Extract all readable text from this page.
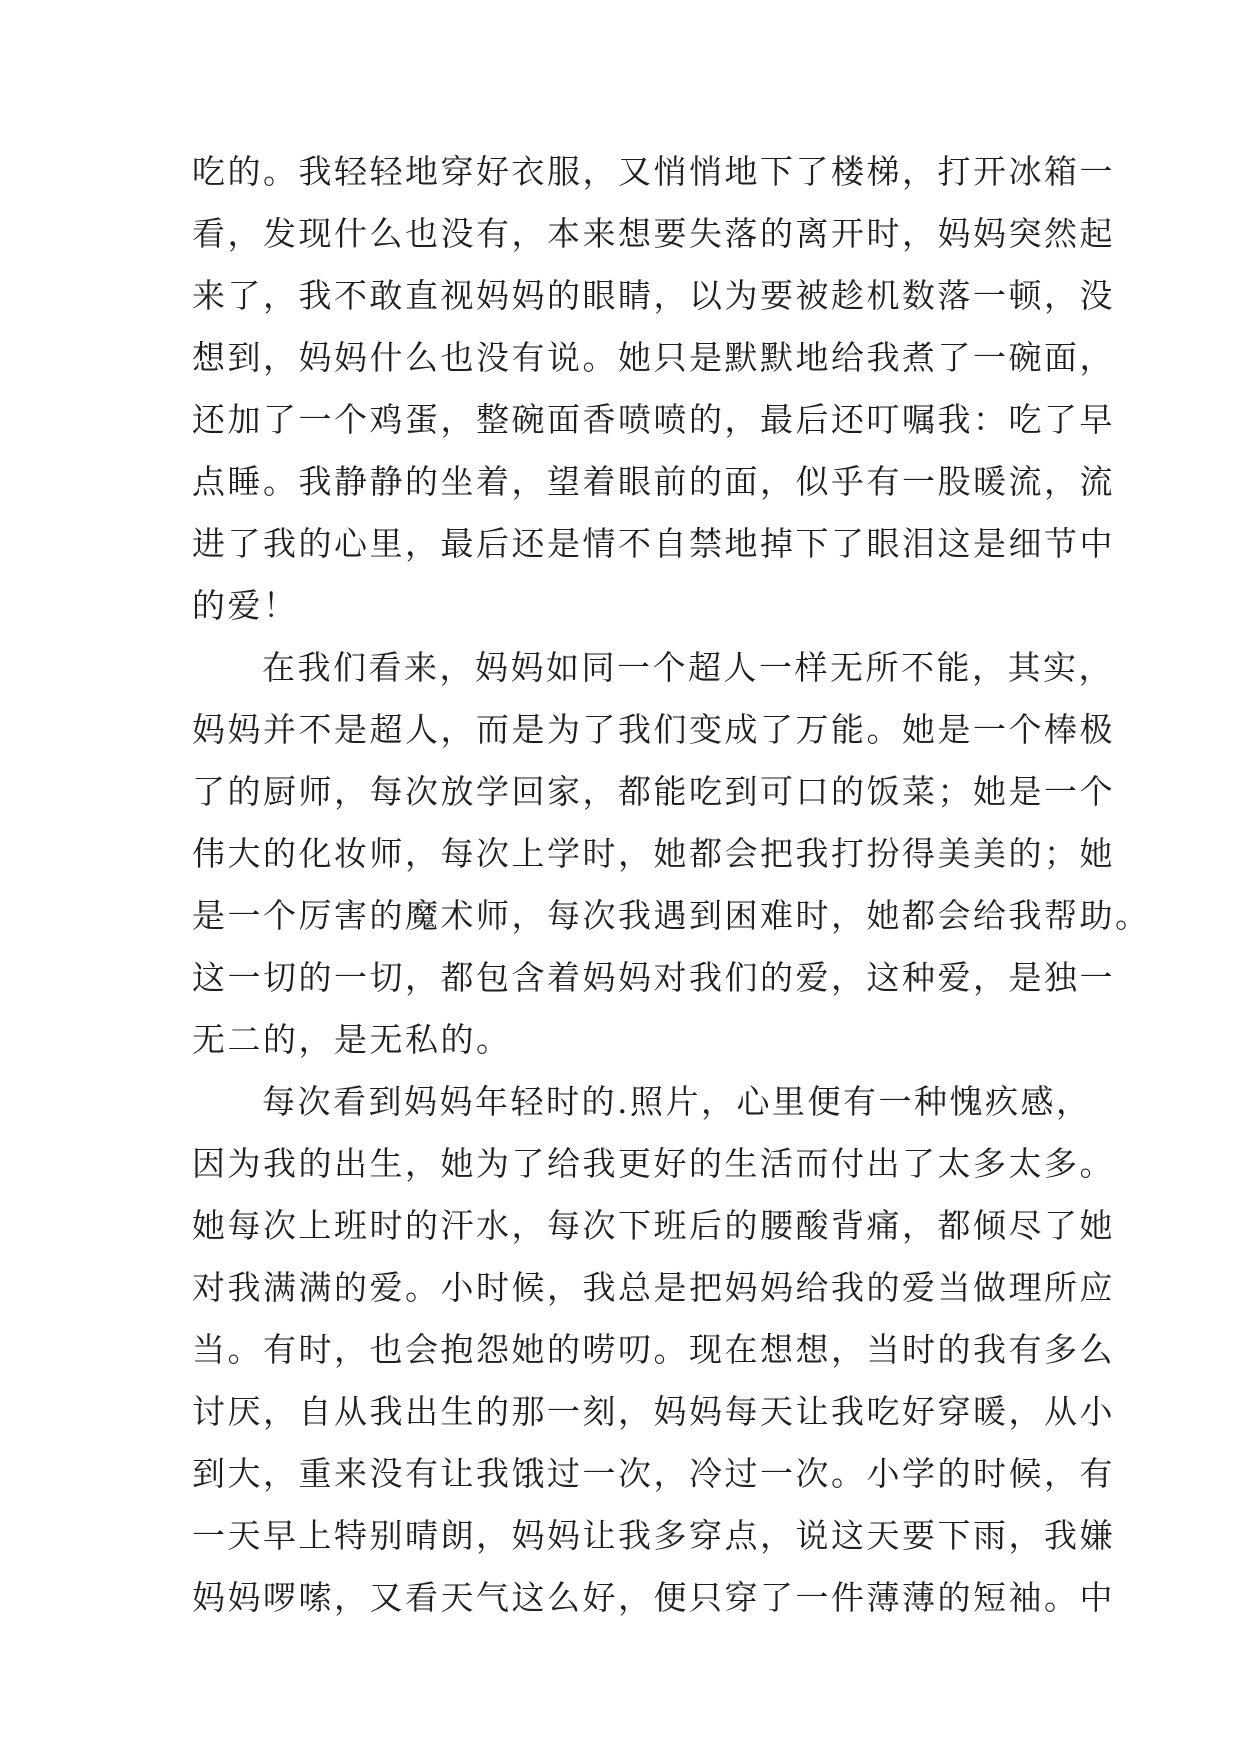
吃的。我轻轻地穿好衣服，又悄悄地下了楼梯，打开冰箱一
看，发现什么也没有，本来想要失落的离开时，妈妈突然起
来了，我不敢直视妈妈的眼睛，以为要被趁机数落一顿，没
想到，妈妈什么也没有说。她只是默默地给我煮了一碗面，
还加了一个鸡蛋，整碗面香喷喷的，最后还叮嘱我：吃了早
点睡。我静静的坐着，望着眼前的面，似乎有一股暖流，流
进了我的心里，最后还是情不自禁地掉下了眼泪这是细节中
的爱！
在我们看来，妈妈如同一个超人一样无所不能，其实，
妈妈并不是超人，而是为了我们变成了万能。她是一个棒极
了的厨师，每次放学回家，都能吃到可口的饭菜；她是一个
伟大的化妆师，每次上学时，她都会把我打扮得美美的；她
是一个厉害的魔术师，每次我遇到困难时，她都会给我帮助。
这一切的一切，都包含着妈妈对我们的爱，这种爱，是独一
无二的，是无私的。
每次看到妈妈年轻时的.照片，心里便有一种愧疚感，
因为我的出生，她为了给我更好的生活而付出了太多太多。
她每次上班时的汗水，每次下班后的腰酸背痛，都倾尽了她
对我满满的爱。小时候，我总是把妈妈给我的爱当做理所应
当。有时，也会抱怨她的唠叨。现在想想，当时的我有多么
讨厌，自从我出生的那一刻，妈妈每天让我吃好穿暖，从小
到大，重来没有让我饿过一次，冷过一次。小学的时候，有
一天早上特别晴朗，妈妈让我多穿点，说这天要下雨，我嫌
妈妈啰嗦，又看天气这么好，便只穿了一件薄薄的短袖。中
